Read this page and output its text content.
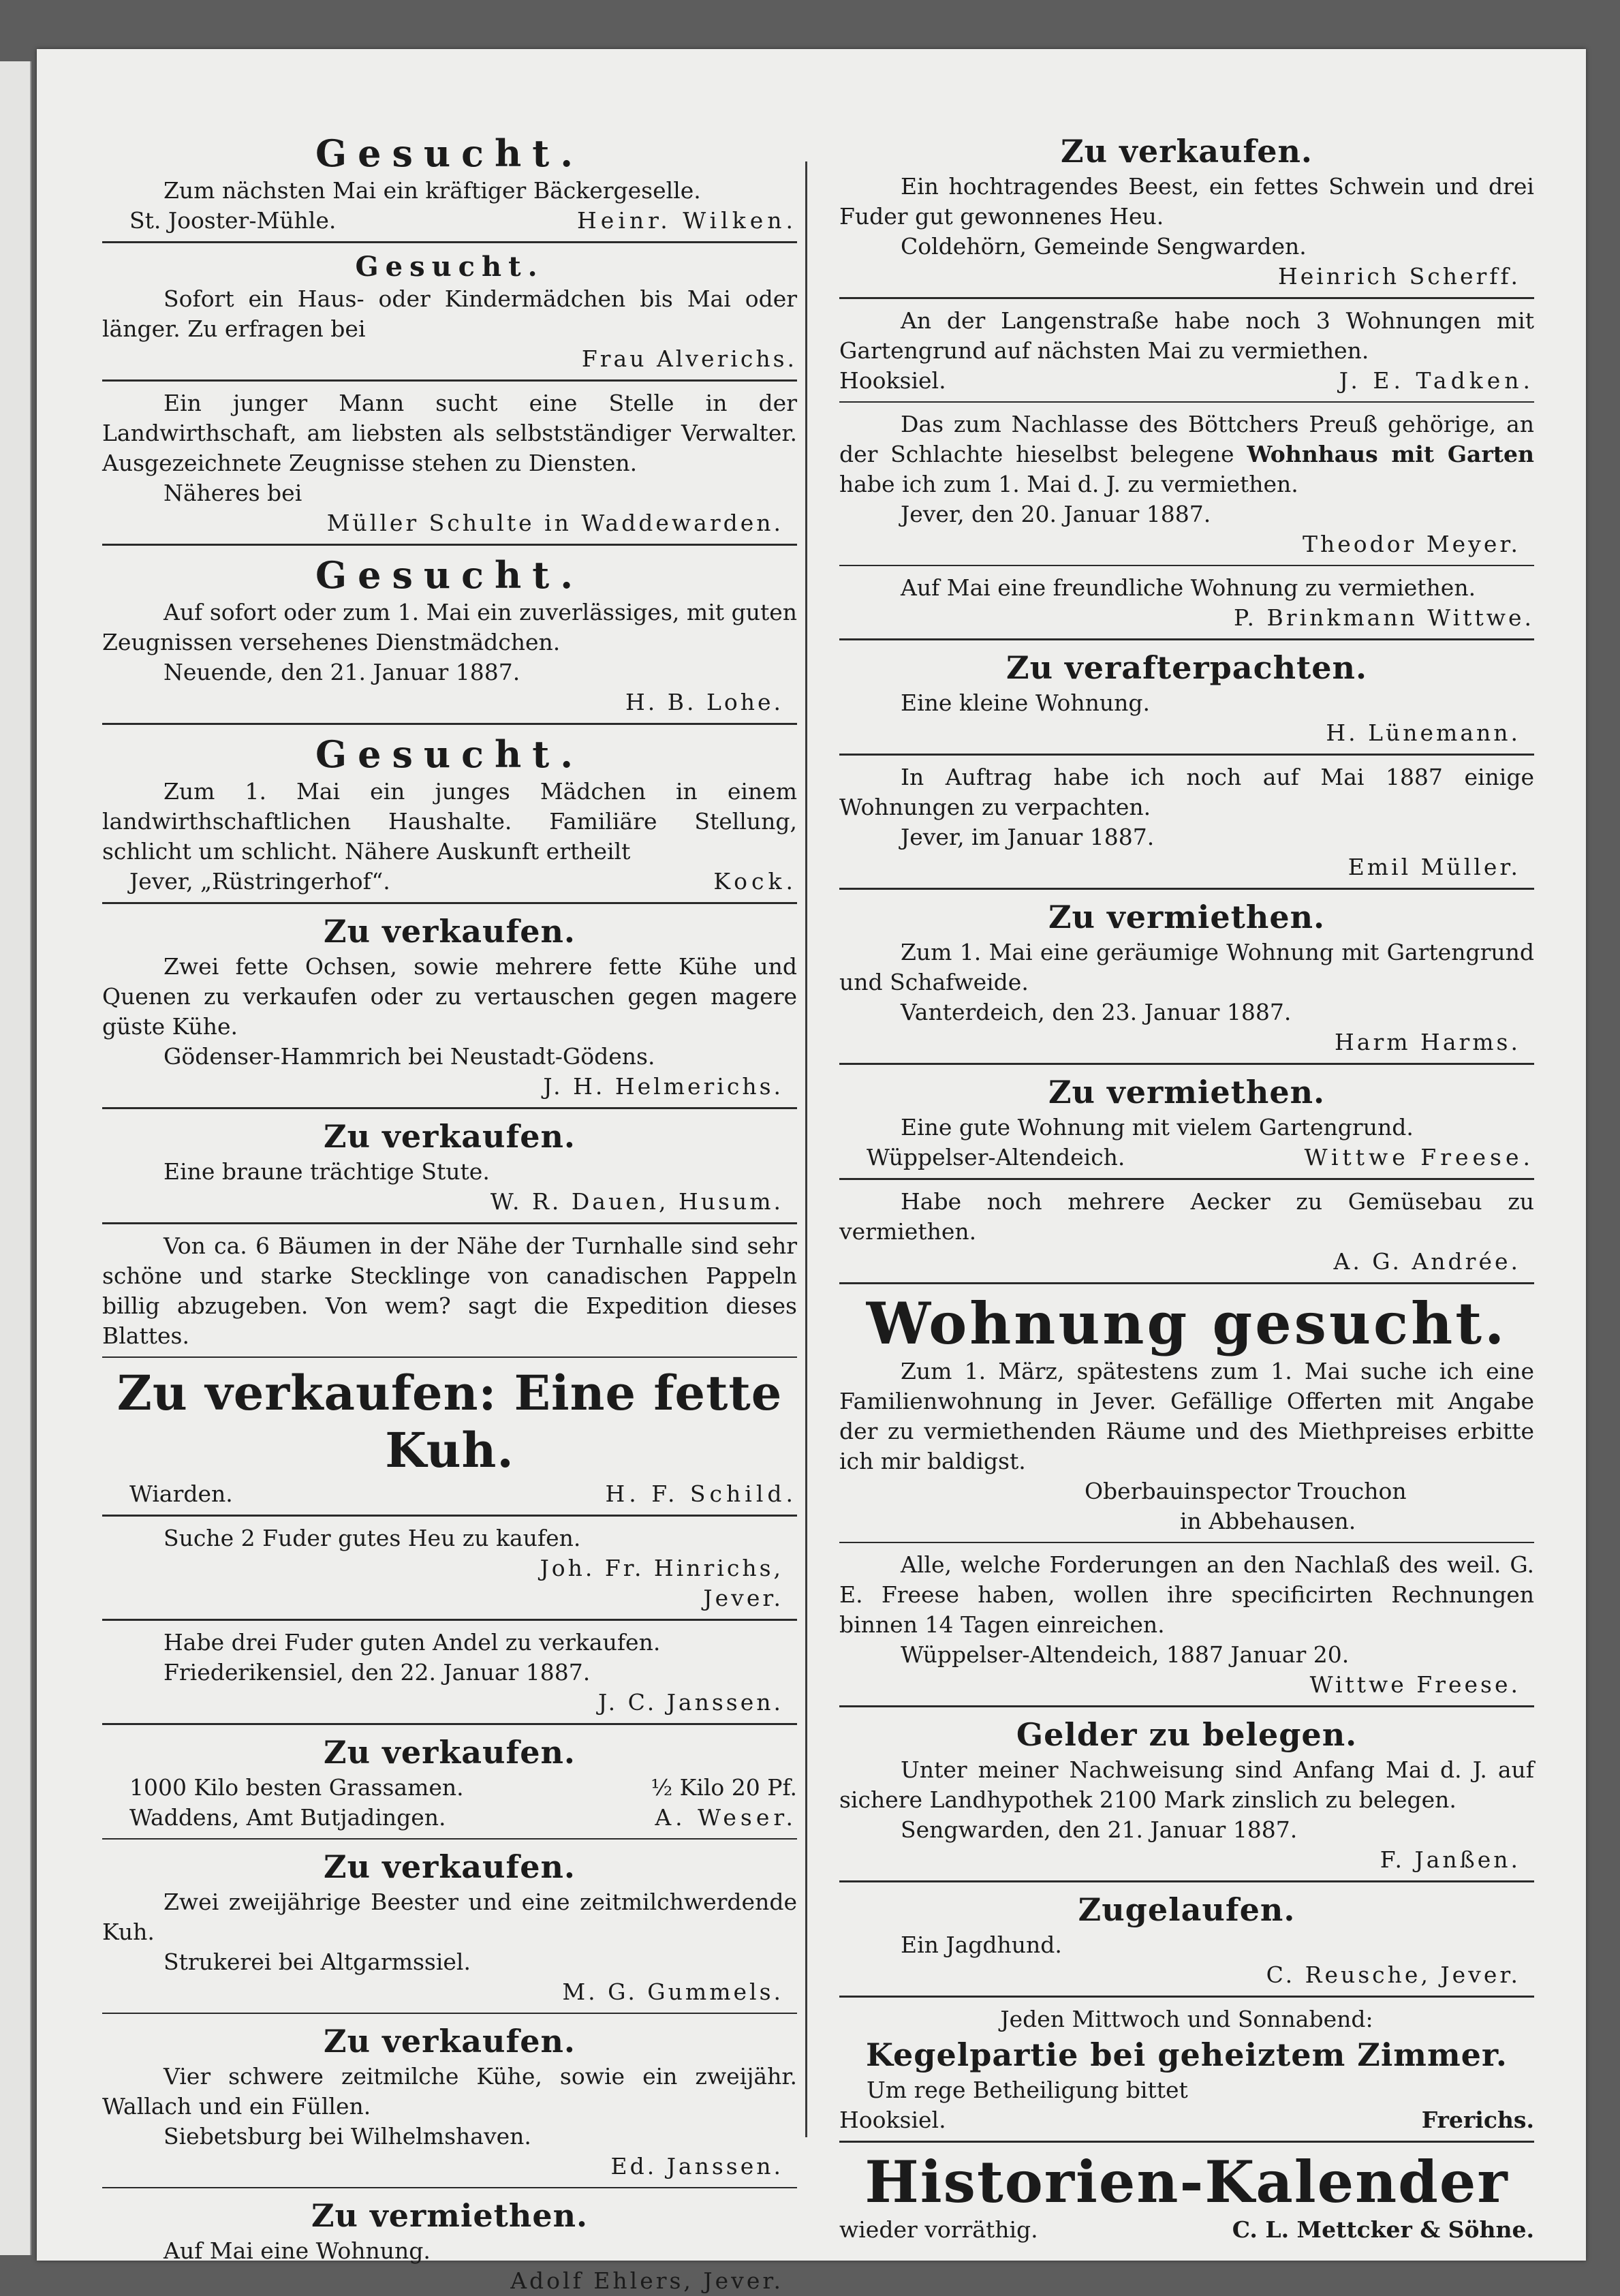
Gesucht.

Zum nächsten Mai ein kräftiger Bäckergeselle.

St. Jooster-Mühle.	Heinr. Wilken.

Gesucht.

Sofort ein Haus- oder Kindermädchen bis Mai oder länger. Zu erfragen bei

Frau Alverichs.

Ein junger Mann sucht eine Stelle in der Landwirthschaft, am liebsten als selbstständiger Verwalter. Ausgezeichnete Zeugnisse stehen zu Diensten.

Näheres bei

Müller Schulte in Waddewarden.

Gesucht.

Auf sofort oder zum 1. Mai ein zuverlässiges, mit guten Zeugnissen versehenes Dienstmädchen.

Neuende, den 21. Januar 1887.

H. B. Lohe.

Gesucht.

Zum 1. Mai ein junges Mädchen in einem landwirthschaftlichen Haushalte. Familiäre Stellung, schlicht um schlicht. Nähere Auskunft ertheilt

Jever, „Rüstringerhof“.	Kock.

Zu verkaufen.

Zwei fette Ochsen, sowie mehrere fette Kühe und Quenen zu verkaufen oder zu vertauschen gegen magere güste Kühe.

Gödenser-Hammrich bei Neustadt-Gödens.

J. H. Helmerichs.

Zu verkaufen.

Eine braune trächtige Stute.

W. R. Dauen, Husum.

Von ca. 6 Bäumen in der Nähe der Turnhalle sind sehr schöne und starke Stecklinge von canadischen Pappeln billig abzugeben. Von wem? sagt die Expedition dieses Blattes.

Zu verkaufen: Eine fette Kuh.

Wiarden.	H. F. Schild.

Suche 2 Fuder gutes Heu zu kaufen.

Joh. Fr. Hinrichs,

Jever.

Habe drei Fuder guten Andel zu verkaufen.

Friederikensiel, den 22. Januar 1887.

J. C. Janssen.

Zu verkaufen.

1000 Kilo besten Grassamen.	½ Kilo 20 Pf.
Waddens, Amt Butjadingen.	A. Weser.

Zu verkaufen.

Zwei zweijährige Beester und eine zeitmilchwerdende Kuh.

Strukerei bei Altgarmssiel.

M. G. Gummels.

Zu verkaufen.

Vier schwere zeitmilche Kühe, sowie ein zweijähr. Wallach und ein Füllen.

Siebetsburg bei Wilhelmshaven.

Ed. Janssen.

Zu vermiethen.

Auf Mai eine Wohnung.

Adolf Ehlers, Jever.

Zu verkaufen.

Ein hochtragendes Beest, ein fettes Schwein und drei Fuder gut gewonnenes Heu.

Coldehörn, Gemeinde Sengwarden.

Heinrich Scherff.

An der Langenstraße habe noch 3 Wohnungen mit Gartengrund auf nächsten Mai zu vermiethen.

Hooksiel.	J. E. Tadken.

Das zum Nachlasse des Böttchers Preuß gehörige, an der Schlachte hieselbst belegene Wohnhaus mit Garten habe ich zum 1. Mai d. J. zu vermiethen.

Jever, den 20. Januar 1887.

Theodor Meyer.

Auf Mai eine freundliche Wohnung zu vermiethen.

P. Brinkmann Wittwe.

Zu verafterpachten.

Eine kleine Wohnung.

H. Lünemann.

In Auftrag habe ich noch auf Mai 1887 einige Wohnungen zu verpachten.

Jever, im Januar 1887.

Emil Müller.

Zu vermiethen.

Zum 1. Mai eine geräumige Wohnung mit Gartengrund und Schafweide.

Vanterdeich, den 23. Januar 1887.

Harm Harms.

Zu vermiethen.

Eine gute Wohnung mit vielem Gartengrund.

Wüppelser-Altendeich.	Wittwe Freese.

Habe noch mehrere Aecker zu Gemüsebau zu vermiethen.

A. G. Andrée.

Wohnung gesucht.

Zum 1. März, spätestens zum 1. Mai suche ich eine Familienwohnung in Jever. Gefällige Offerten mit Angabe der zu vermiethenden Räume und des Miethpreises erbitte ich mir baldigst.

Oberbauinspector Trouchon

in Abbehausen.

Alle, welche Forderungen an den Nachlaß des weil. G. E. Freese haben, wollen ihre specificirten Rechnungen binnen 14 Tagen einreichen.

Wüppelser-Altendeich, 1887 Januar 20.

Wittwe Freese.

Gelder zu belegen.

Unter meiner Nachweisung sind Anfang Mai d. J. auf sichere Landhypothek 2100 Mark zinslich zu belegen.

Sengwarden, den 21. Januar 1887.

F. Janßen.

Zugelaufen.

Ein Jagdhund.

C. Reusche, Jever.

Jeden Mittwoch und Sonnabend:

Kegelpartie bei geheiztem Zimmer.

Um rege Betheiligung bittet

Hooksiel.	Frerichs.

Historien-Kalender

wieder vorräthig.	C. L. Mettcker & Söhne.
